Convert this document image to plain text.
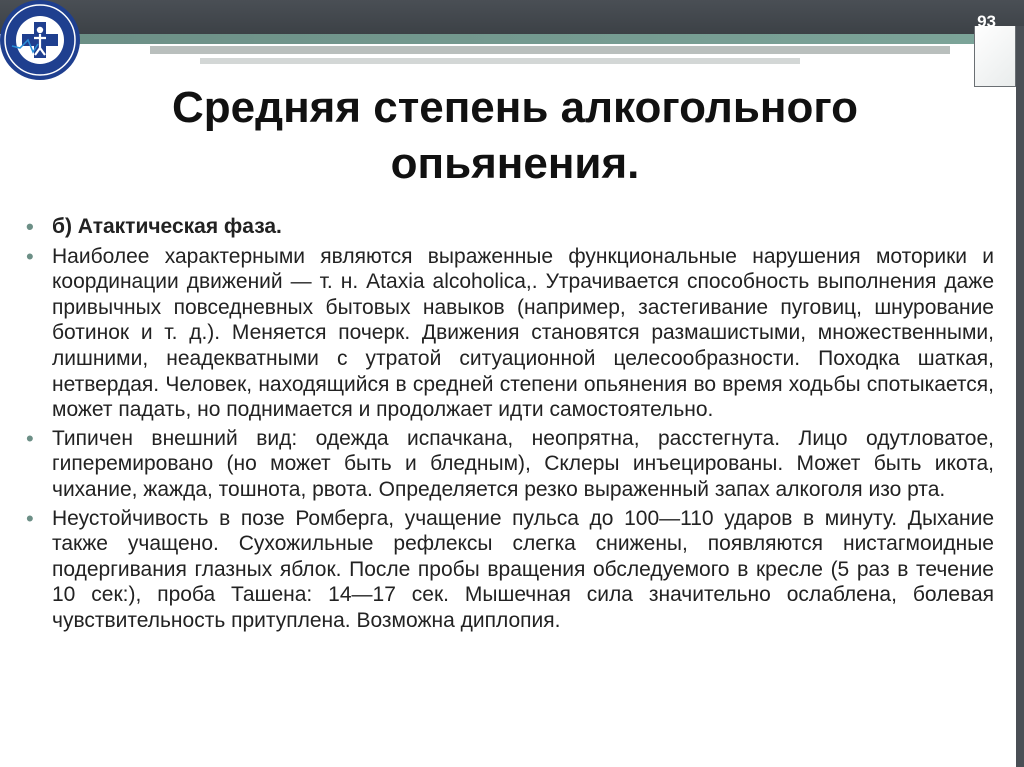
93
Средняя степень алкогольного
опьянения.
• б) Атактическая фаза.
• Наиболее характерными являются выраженные функциональные нарушения моторики и координации движений — т. н. Ataxia alcoholica,. Утрачивается способность выполнения даже привычных повседневных бытовых навыков (например, застегивание пуговиц, шнурование ботинок и т. д.). Меняется почерк. Движения становятся размашистыми, множественными, лишними, неадекватными с утратой ситуационной целесообразности. Походка шаткая, нетвердая. Человек, находящийся в средней степени опьянения во время ходьбы спотыкается, может падать, но поднимается и продолжает идти самостоятельно.
• Типичен внешний вид: одежда испачкана, неопрятна, расстегнута. Лицо одутловатое, гиперемировано (но может быть и бледным), Склеры инъецированы. Может быть икота, чихание, жажда, тошнота, рвота. Определяется резко выраженный запах алкоголя изо рта.
• Неустойчивость в позе Ромберга, учащение пульса до 100—110 ударов в минуту. Дыхание также учащено. Сухожильные рефлексы слегка снижены, появляются нистагмоидные подергивания глазных яблок. После пробы вращения обследуемого в кресле (5 раз в течение 10 сек:), проба Ташена: 14—17 сек. Мышечная сила значительно ослаблена, болевая чувствительность притуплена. Возможна диплопия.
